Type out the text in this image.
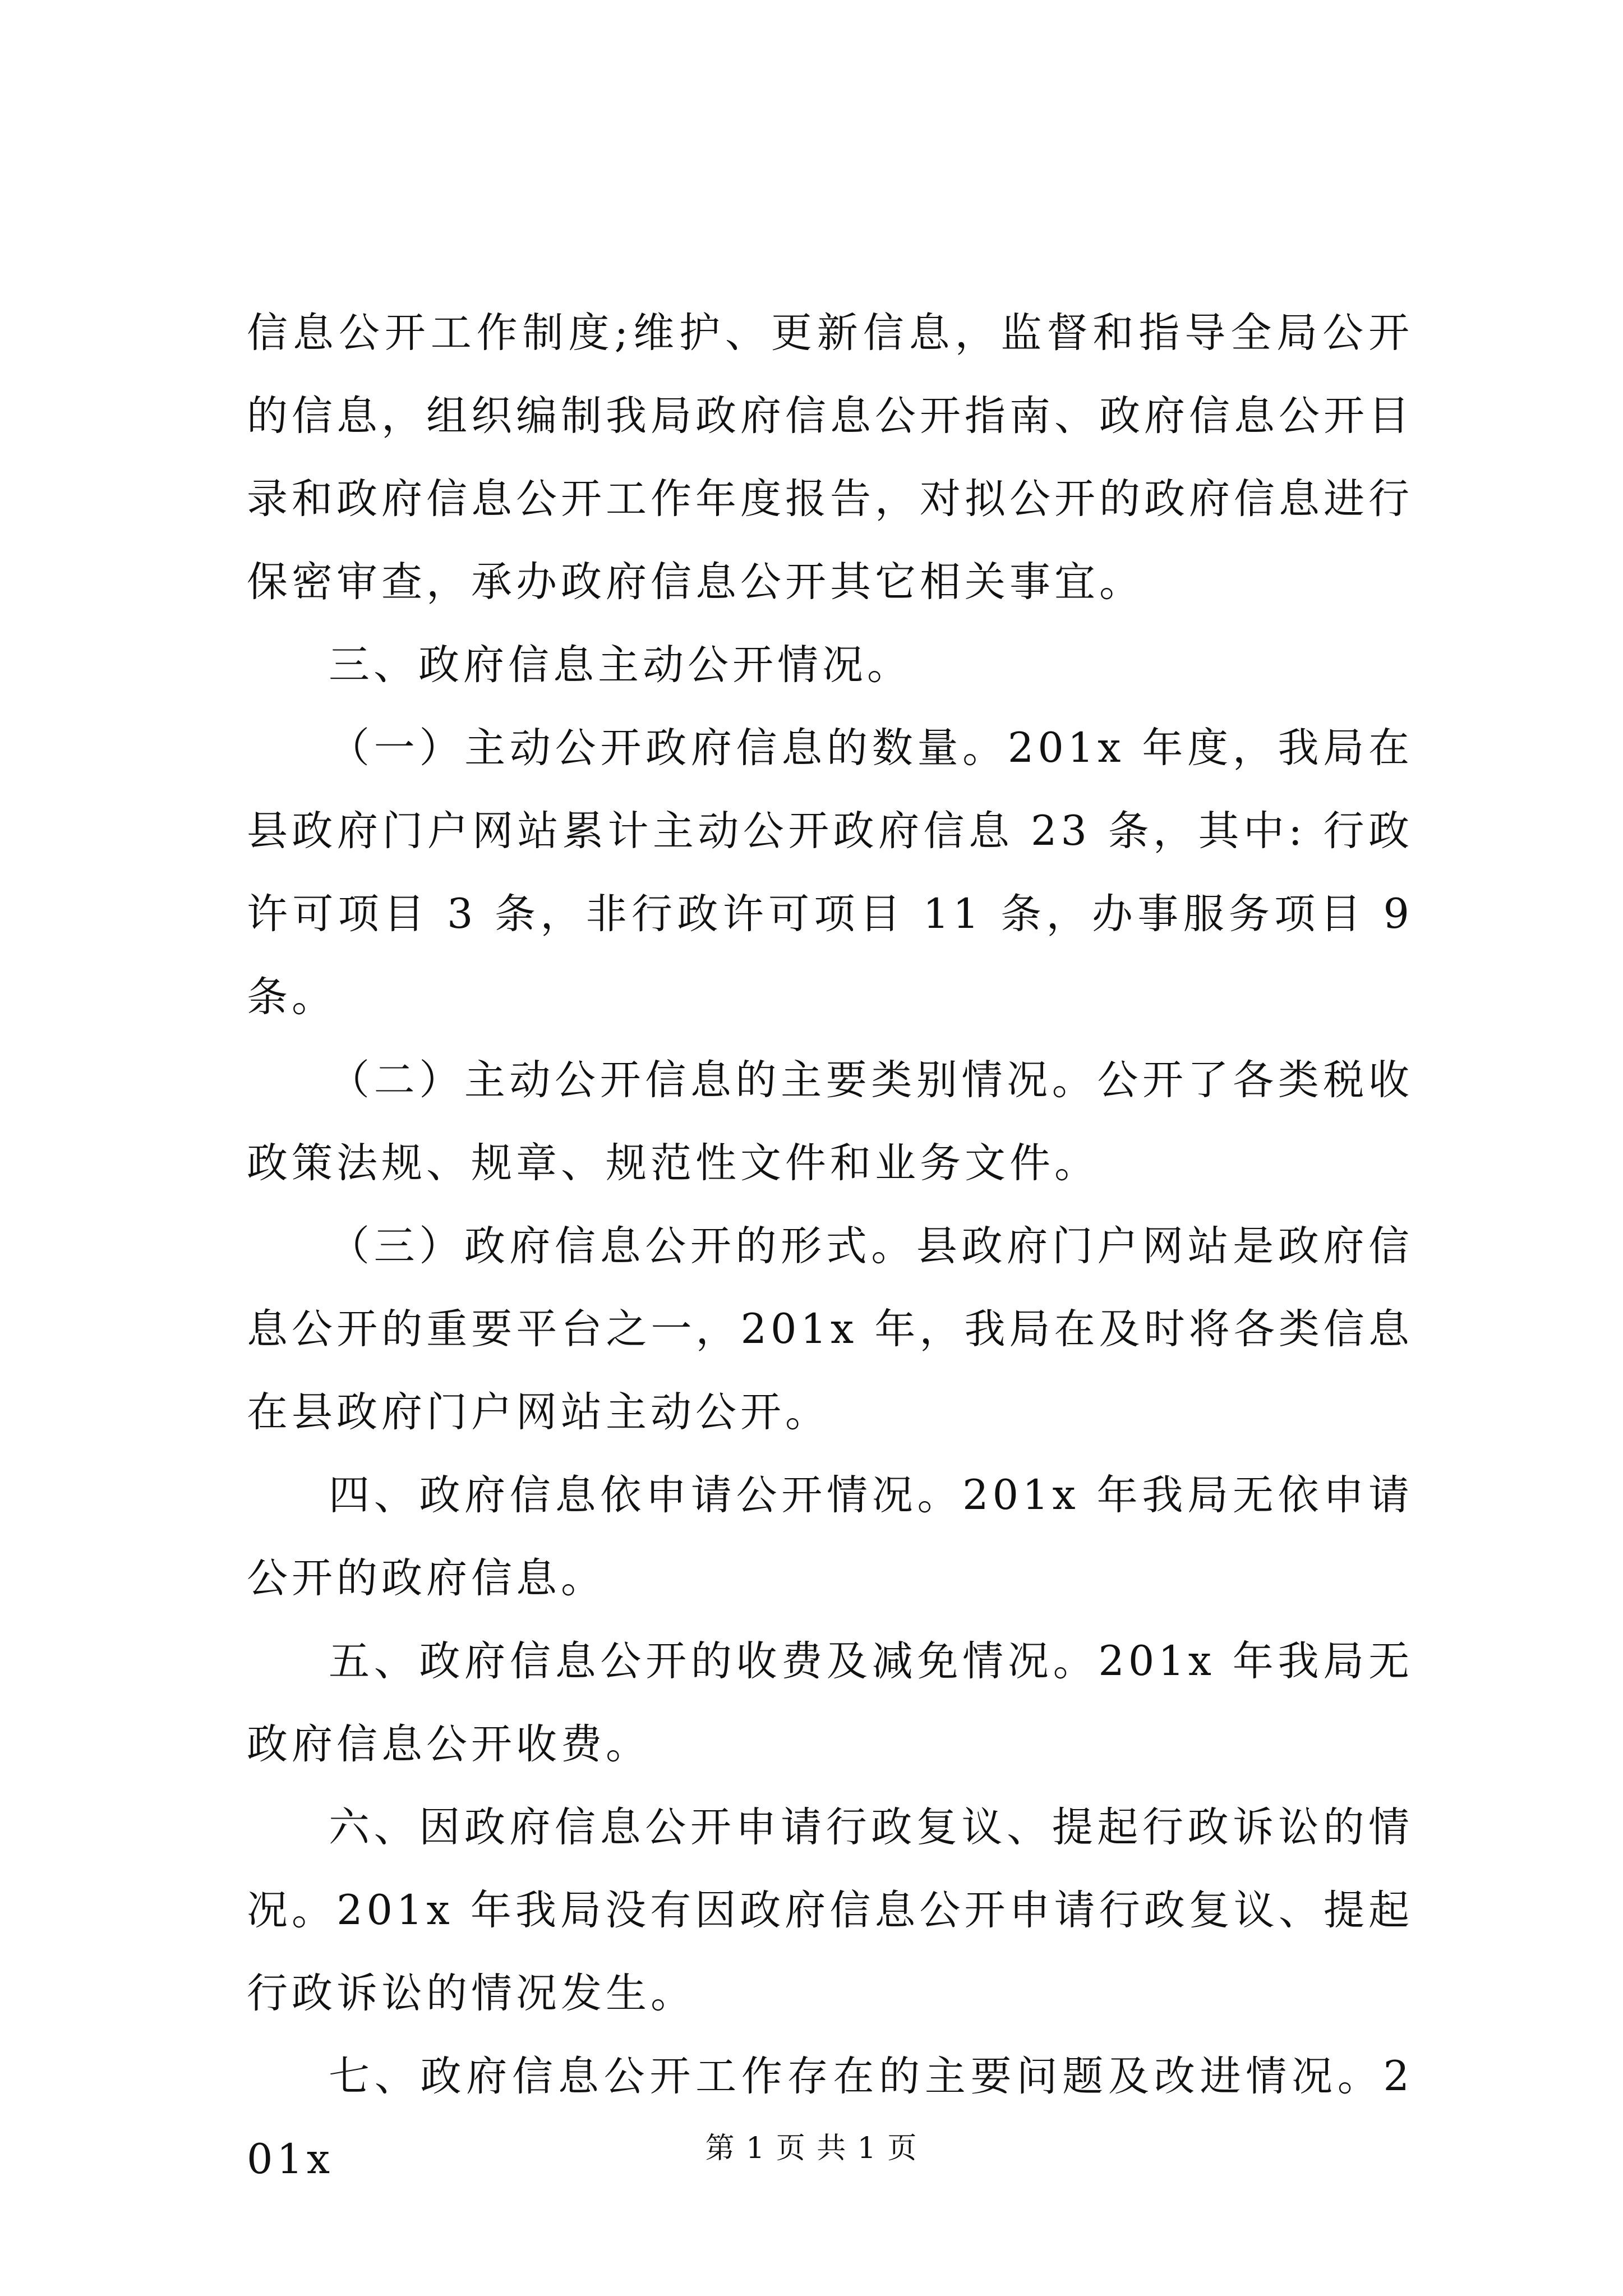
信息公开工作制度;维护、更新信息，监督和指导全局公开的信息，组织编制我局政府信息公开指南、政府信息公开目录和政府信息公开工作年度报告，对拟公开的政府信息进行保密审查，承办政府信息公开其它相关事宜。

三、政府信息主动公开情况。

（一）主动公开政府信息的数量。201x 年度，我局在县政府门户网站累计主动公开政府信息 23 条，其中: 行政许可项目 3 条，非行政许可项目 11 条，办事服务项目 9 条。

（二）主动公开信息的主要类别情况。公开了各类税收政策法规、规章、规范性文件和业务文件。

（三）政府信息公开的形式。县政府门户网站是政府信息公开的重要平台之一，201x 年，我局在及时将各类信息在县政府门户网站主动公开。

四、政府信息依申请公开情况。201x 年我局无依申请公开的政府信息。

五、政府信息公开的收费及减免情况。201x 年我局无政府信息公开收费。

六、因政府信息公开申请行政复议、提起行政诉讼的情况。201x 年我局没有因政府信息公开申请行政复议、提起行政诉讼的情况发生。

七、政府信息公开工作存在的主要问题及改进情况。201x	第 1 页 共 1 页
